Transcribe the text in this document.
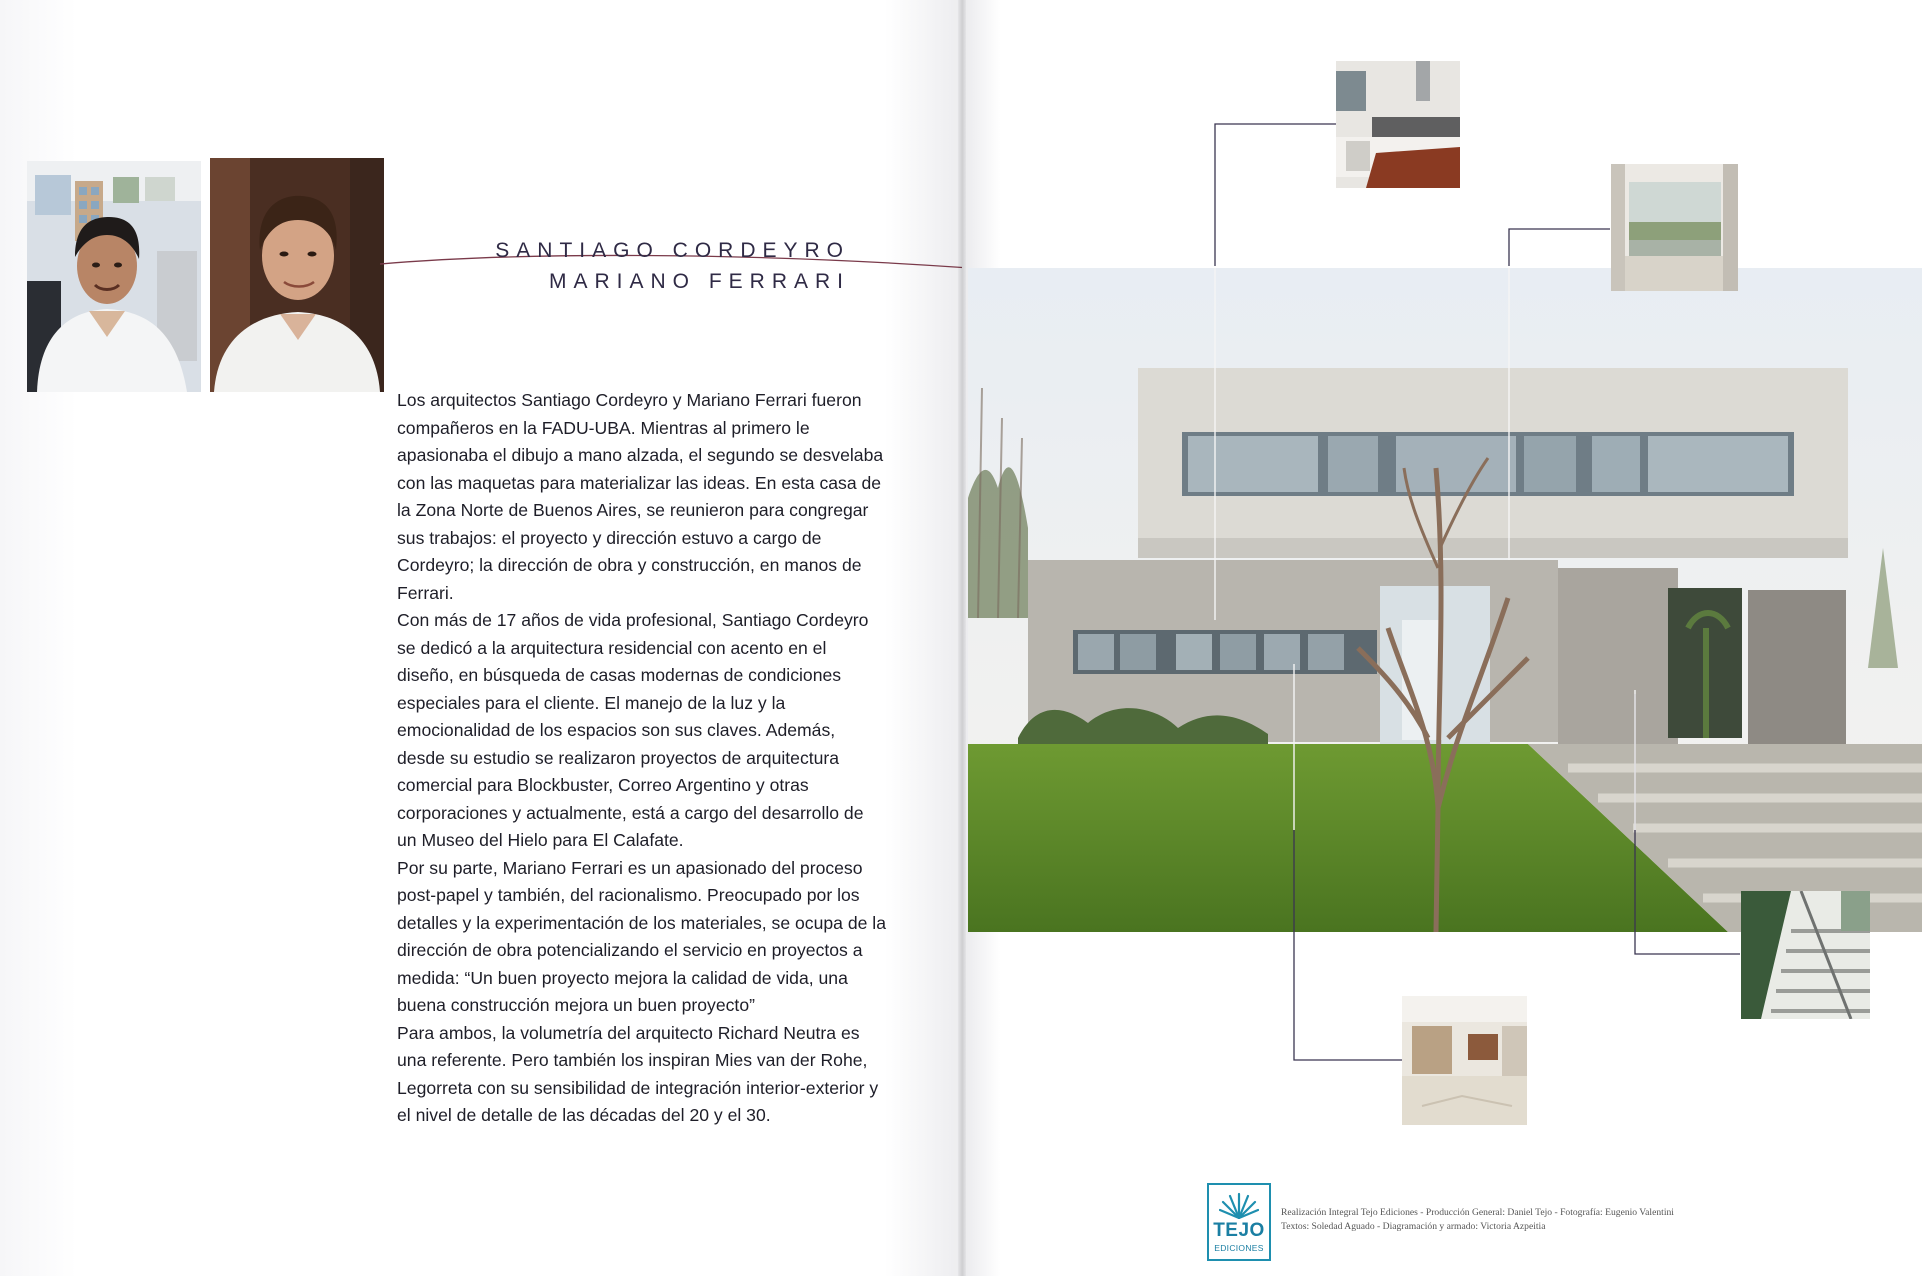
SANTIAGO CORDEYRO
MARIANO FERRARI

Los arquitectos Santiago Cordeyro y Mariano Ferrari fueron compañeros en la FADU-UBA. Mientras al primero le apasionaba el dibujo a mano alzada, el segundo se desvelaba con las maquetas para materializar las ideas. En esta casa de la Zona Norte de Buenos Aires, se reunieron para congregar sus trabajos: el proyecto y dirección estuvo a cargo de Cordeyro; la dirección de obra y construcción, en manos de Ferrari.

Con más de 17 años de vida profesional, Santiago Cordeyro se dedicó a la arquitectura residencial con acento en el diseño, en búsqueda de casas modernas de condiciones especiales para el cliente. El manejo de la luz y la emocionalidad de los espacios son sus claves. Además, desde su estudio se realizaron proyectos de arquitectura comercial para Blockbuster, Correo Argentino y otras corporaciones y actualmente, está a cargo del desarrollo de un Museo del Hielo para El Calafate.

Por su parte, Mariano Ferrari es un apasionado del proceso post-papel y también, del racionalismo. Preocupado por los detalles y la experimentación de los materiales, se ocupa de la dirección de obra potencializando el servicio en proyectos a medida: “Un buen proyecto mejora la calidad de vida, una buena construcción mejora un buen proyecto”

Para ambos, la volumetría del arquitecto Richard Neutra es una referente. Pero también los inspiran Mies van der Rohe, Legorreta con su sensibilidad de integración interior-exterior y el nivel de detalle de las décadas del 20 y el 30.

TEJO
EDICIONES
Realización Integral Tejo Ediciones - Producción General: Daniel Tejo - Fotografía: Eugenio Valentini
Textos: Soledad Aguado - Diagramación y armado: Victoria Azpeitia
